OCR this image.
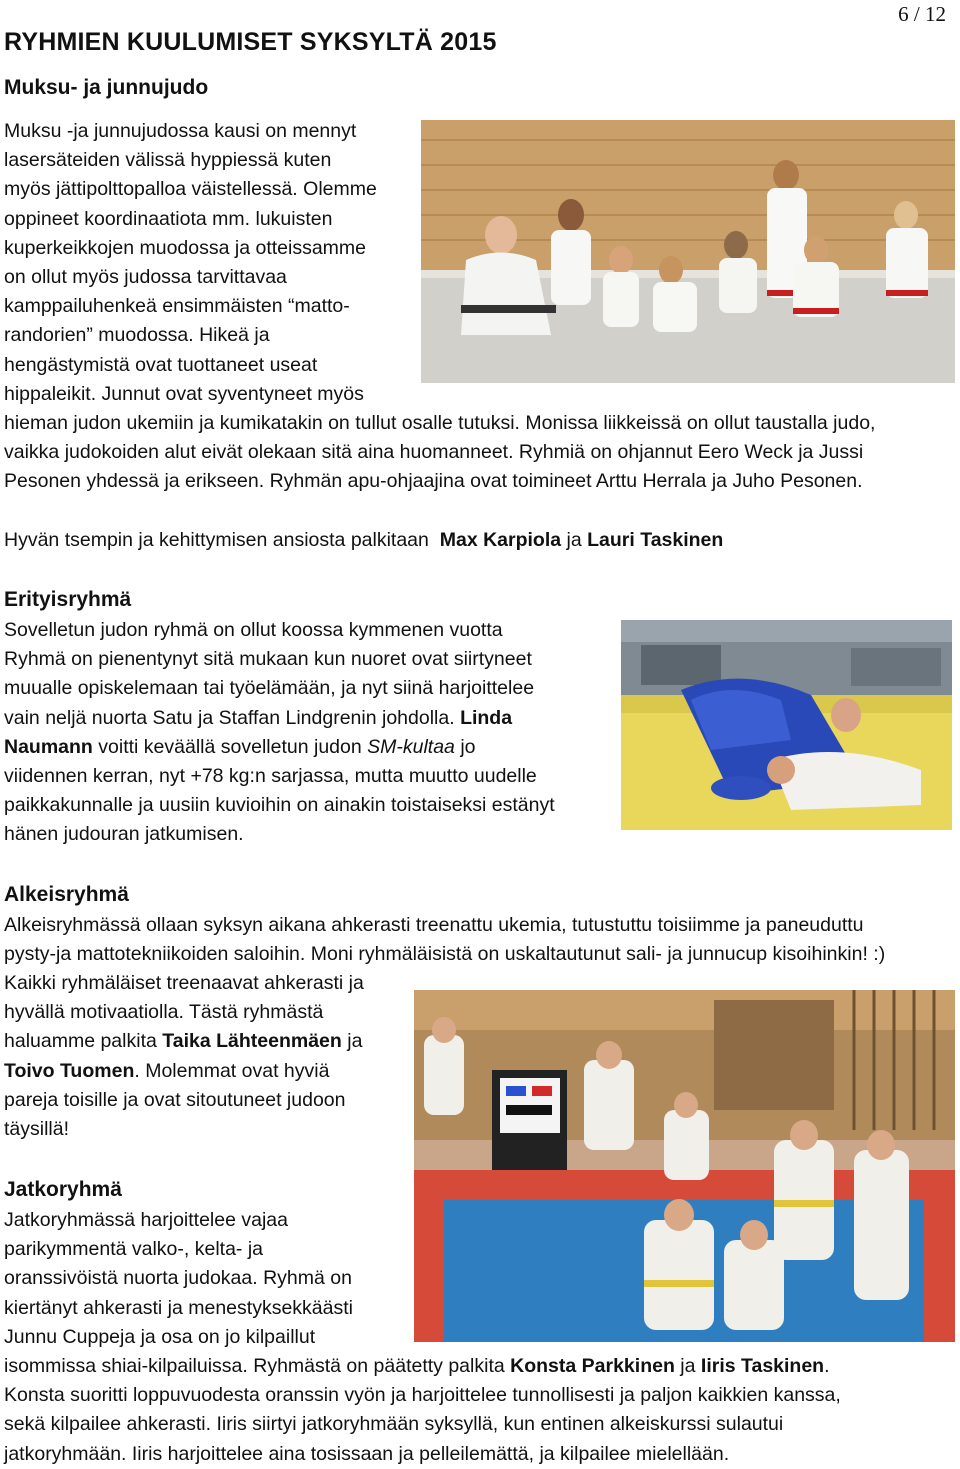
6 / 12
RYHMIEN KUULUMISET SYKSYLTÄ 2015
Muksu- ja junnujudo

Muksu -ja junnujudossa kausi on mennyt

lasersäteiden välissä hyppiessä kuten

myös jättipolttopalloa väistellessä. Olemme

oppineet koordinaatiota mm. lukuisten

kuperkeikkojen muodossa ja otteissamme

on ollut myös judossa tarvittavaa

kamppailuhenkeä ensimmäisten “matto-

randorien” muodossa. Hikeä ja

hengästymistä ovat tuottaneet useat

hippaleikit. Junnut ovat syventyneet myös

hieman judon ukemiin ja kumikatakin on tullut osalle tutuksi. Monissa liikkeissä on ollut taustalla judo,

vaikka judokoiden alut eivät olekaan sitä aina huomanneet. Ryhmiä on ohjannut Eero Weck ja Jussi

Pesonen yhdessä ja erikseen. Ryhmän apu-ohjaajina ovat toimineet Arttu Herrala ja Juho Pesonen.

Hyvän tsempin ja kehittymisen ansiosta palkitaan Max Karpiola ja Lauri Taskinen
Erityisryhmä

Sovelletun judon ryhmä on ollut koossa kymmenen vuotta

Ryhmä on pienentynyt sitä mukaan kun nuoret ovat siirtyneet

muualle opiskelemaan tai työelämään, ja nyt siinä harjoittelee

vain neljä nuorta Satu ja Staffan Lindgrenin johdolla. Linda

Naumann voitti keväällä sovelletun judon SM-kultaa jo

viidennen kerran, nyt +78 kg:n sarjassa, mutta muutto uudelle

paikkakunnalle ja uusiin kuvioihin on ainakin toistaiseksi estänyt

hänen judouran jatkumisen.

Alkeisryhmä

Alkeisryhmässä ollaan syksyn aikana ahkerasti treenattu ukemia, tutustuttu toisiimme ja paneuduttu

pysty-ja mattotekniikoiden saloihin. Moni ryhmäläisistä on uskaltautunut sali- ja junnucup kisoihinkin! :)

Kaikki ryhmäläiset treenaavat ahkerasti ja

hyvällä motivaatiolla. Tästä ryhmästä

haluamme palkita Taika Lähteenmäen ja

Toivo Tuomen. Molemmat ovat hyviä

pareja toisille ja ovat sitoutuneet judoon

täysillä!

Jatkoryhmä

Jatkoryhmässä harjoittelee vajaa

parikymmentä valko-, kelta- ja

oranssivöistä nuorta judokaa. Ryhmä on

kiertänyt ahkerasti ja menestyksekkäästi

Junnu Cuppeja ja osa on jo kilpaillut

isommissa shiai-kilpailuissa. Ryhmästä on päätetty palkita Konsta Parkkinen ja Iiris Taskinen.

Konsta suoritti loppuvuodesta oranssin vyön ja harjoittelee tunnollisesti ja paljon kaikkien kanssa,

sekä kilpailee ahkerasti. Iiris siirtyi jatkoryhmään syksyllä, kun entinen alkeiskurssi sulautui

jatkoryhmään. Iiris harjoittelee aina tosissaan ja pelleilemättä, ja kilpailee mielellään.
